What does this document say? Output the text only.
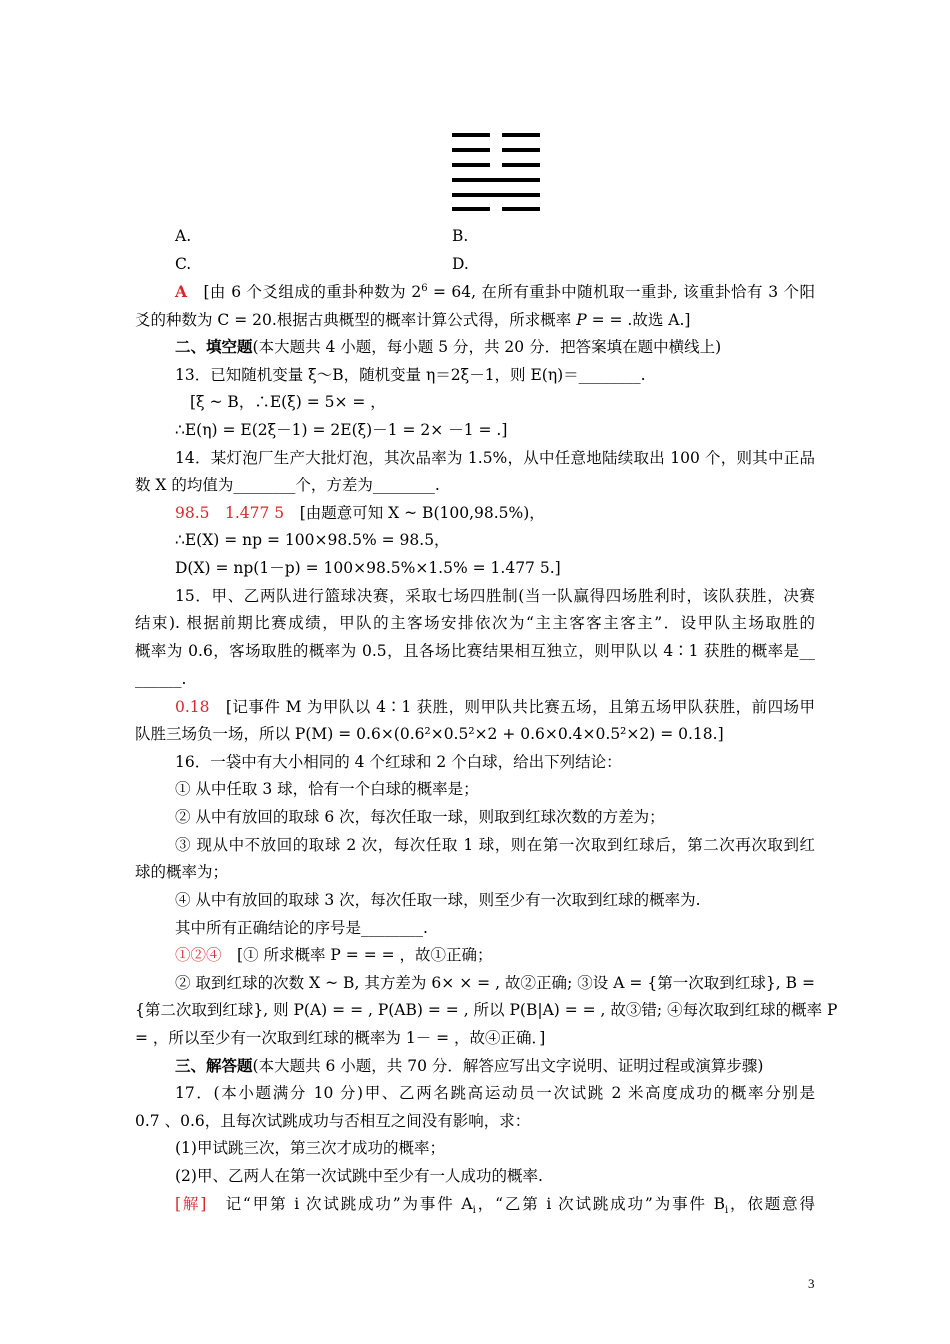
A.	B.
C.	D.
A　 [由 6 个爻组成的重卦种数为 $2^6 = 64$, 在所有重卦中随机取一重卦, 该重卦恰有 3 个阳
爻的种数为 C = 20.根据古典概型的概率计算公式得，所求概率 P = = .故选 A.]
二、填空题(本大题共 4 小题，每小题 5 分，共 20 分．把答案填在题中横线上)
13．已知随机变量 ξ～B，随机变量 η＝2ξ－1，则 E(η)＝________.
[ξ ~ B，∴E(ξ) = 5× = ，
∴E(η) = E(2ξ－1) = 2E(ξ)－1 = 2× －1 = .]
14．某灯泡厂生产大批灯泡，其次品率为 1.5%，从中任意地陆续取出 100 个，则其中正品
数 X 的均值为________个，方差为________.
98.5　1.477 5　 [由题意可知 X ~ B(100,98.5%)，
∴E(X) = np = 100×98.5% = 98.5，
D(X) = np(1－p) = 100×98.5%×1.5% = 1.477 5.]
15．甲、乙两队进行篮球决赛，采取七场四胜制(当一队赢得四场胜利时，该队获胜，决赛
结束). 根据前期比赛成绩，甲队的主客场安排依次为“主主客客主客主”．设甲队主场取胜的
概率为 0.6，客场取胜的概率为 0.5，且各场比赛结果相互独立，则甲队以 4∶1 获胜的概率是__
______.
0.18　 [记事件 M 为甲队以 4∶1 获胜，则甲队共比赛五场，且第五场甲队获胜，前四场甲
队胜三场负一场，所以 P(M) = 0.6×(0.6²×0.5²×2 + 0.6×0.4×0.5²×2) = 0.18.]
16．一袋中有大小相同的 4 个红球和 2 个白球，给出下列结论：
① 从中任取 3 球，恰有一个白球的概率是；
② 从中有放回的取球 6 次，每次任取一球，则取到红球次数的方差为；
③ 现从中不放回的取球 2 次，每次任取 1 球，则在第一次取到红球后，第二次再次取到红
球的概率为；
④ 从中有放回的取球 3 次，每次任取一球，则至少有一次取到红球的概率为.
其中所有正确结论的序号是________.
①②④　 [① 所求概率 P = = = ，故①正确；
② 取到红球的次数 X ~ B, 其方差为 6× × = , 故②正确; ③设 A = {第一次取到红球}, B =
{第二次取到红球}, 则 P(A) = = , P(AB) = = , 所以 P(B|A) = = , 故③错; ④每次取到红球的概率 P
= ，所以至少有一次取到红球的概率为 1－ = ，故④正确．]
三、解答题(本大题共 6 小题，共 70 分．解答应写出文字说明、证明过程或演算步骤)
17．(本小题满分 10 分)甲、乙两名跳高运动员一次试跳 2 米高度成功的概率分别是
0.7 、0.6，且每次试跳成功与否相互之间没有影响，求：
(1)甲试跳三次，第三次才成功的概率；
(2)甲、乙两人在第一次试跳中至少有一人成功的概率.
[解]　 记“甲第 i 次试跳成功”为事件 $A_i$，“乙第 i 次试跳成功”为事件 $B_i$，依题意得
3
